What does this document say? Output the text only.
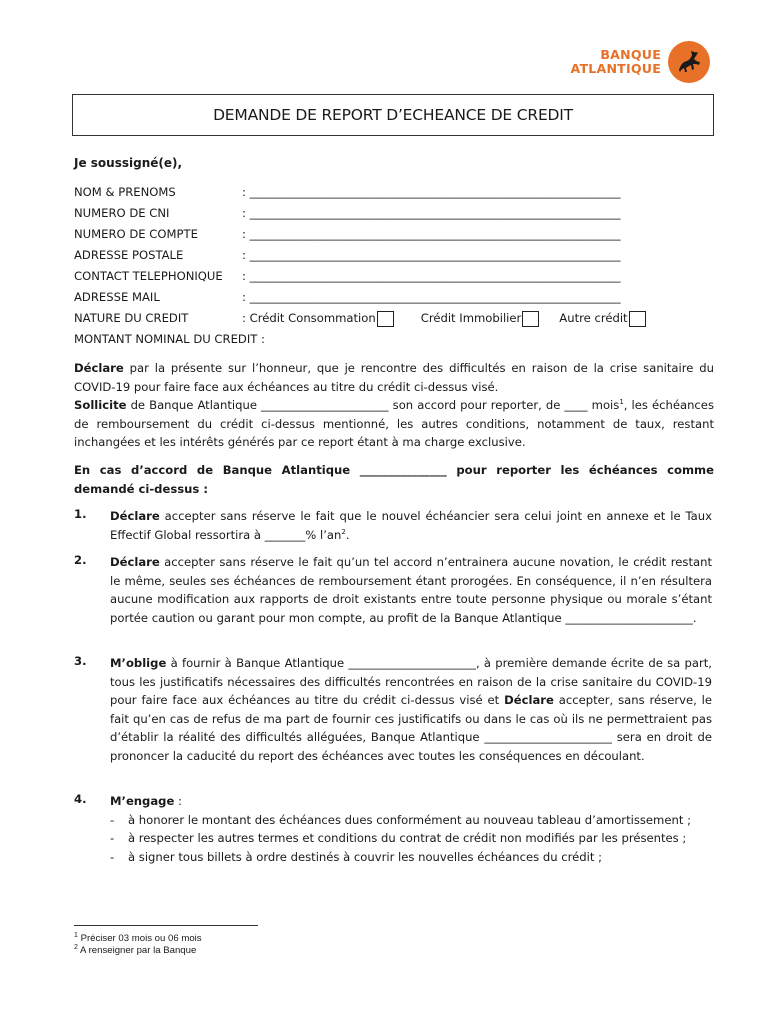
BANQUE
ATLANTIQUE
DEMANDE DE REPORT D’ECHEANCE DE CREDIT
Je soussigné(e),
NOM & PRENOMS	: ________________________________________________________________
NUMERO DE CNI	: ________________________________________________________________
NUMERO DE COMPTE	: ________________________________________________________________
ADRESSE POSTALE	: ________________________________________________________________
CONTACT TELEPHONIQUE : ________________________________________________________________
ADRESSE MAIL	: ________________________________________________________________
NATURE DU CREDIT	: Crédit Consommation	Crédit Immobilier	Autre crédit
MONTANT NOMINAL DU CREDIT :
Déclare par la présente sur l’honneur, que je rencontre des difficultés en raison de la crise sanitaire du COVID-19 pour faire face aux échéances au titre du crédit ci-dessus visé.
Sollicite de Banque Atlantique ______________________ son accord pour reporter, de ____ mois$^1$, les échéances de remboursement du crédit ci-dessus mentionné, les autres conditions, notamment de taux, restant inchangées et les intérêts générés par ce report étant à ma charge exclusive.
En cas d’accord de Banque Atlantique _______________ pour reporter les échéances comme demandé ci-dessus :
1. Déclare accepter sans réserve le fait que le nouvel échéancier sera celui joint en annexe et le Taux Effectif Global ressortira à _______% $l’an^2$.
2. Déclare accepter sans réserve le fait qu’un tel accord n’entrainera aucune novation, le crédit restant le même, seules ses échéances de remboursement étant prorogées. En conséquence, il n’en résultera aucune modification aux rapports de droit existants entre toute personne physique ou morale s’étant portée caution ou garant pour mon compte, au profit de la Banque Atlantique ______________________.
3. M’oblige à fournir à Banque Atlantique ______________________, à première demande écrite de sa part, tous les justificatifs nécessaires des difficultés rencontrées en raison de la crise sanitaire du COVID-19 pour faire face aux échéances au titre du crédit ci-dessus visé et Déclare accepter, sans réserve, le fait qu’en cas de refus de ma part de fournir ces justificatifs ou dans le cas où ils ne permettraient pas d’établir la réalité des difficultés alléguées, Banque Atlantique ______________________ sera en droit de prononcer la caducité du report des échéances avec toutes les conséquences en découlant.
4. M’engage :
- à honorer le montant des échéances dues conformément au nouveau tableau d’amortissement ;
- à respecter les autres termes et conditions du contrat de crédit non modifiés par les présentes ;
- à signer tous billets à ordre destinés à couvrir les nouvelles échéances du crédit ;
$^1$ Préciser 03 mois ou 06 mois
$^2$ A renseigner par la Banque
